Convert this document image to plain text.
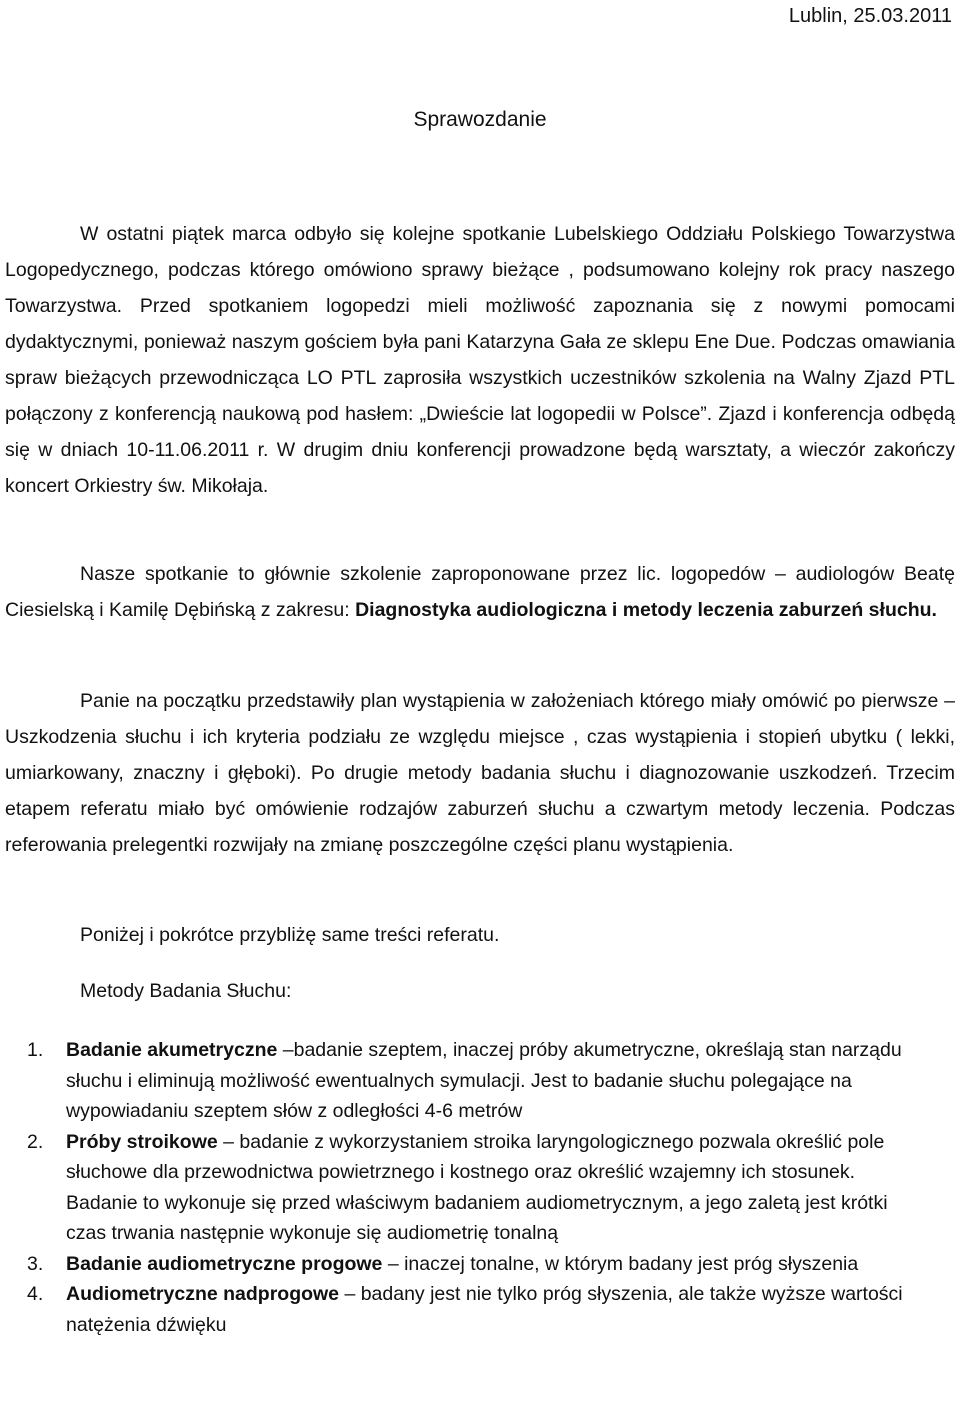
Lublin, 25.03.2011
Sprawozdanie

W ostatni piątek marca odbyło się kolejne spotkanie Lubelskiego Oddziału Polskiego Towarzystwa Logopedycznego, podczas którego omówiono sprawy bieżące , podsumowano kolejny rok pracy naszego Towarzystwa. Przed spotkaniem logopedzi mieli możliwość zapoznania się z nowymi pomocami dydaktycznymi, ponieważ naszym gościem była pani Katarzyna Gała ze sklepu Ene Due. Podczas omawiania spraw bieżących przewodnicząca LO PTL zaprosiła wszystkich uczestników szkolenia na Walny Zjazd PTL połączony z konferencją naukową pod hasłem: „Dwieście lat logopedii w Polsce”. Zjazd i konferencja odbędą się w dniach 10-11.06.2011 r. W drugim dniu konferencji prowadzone będą warsztaty, a wieczór zakończy koncert Orkiestry św. Mikołaja.

Nasze spotkanie to głównie szkolenie zaproponowane przez lic. logopedów – audiologów Beatę Ciesielską i Kamilę Dębińską z zakresu: Diagnostyka audiologiczna i metody leczenia zaburzeń słuchu.

Panie na początku przedstawiły plan wystąpienia w założeniach którego miały omówić po pierwsze – Uszkodzenia słuchu i ich kryteria podziału ze względu miejsce , czas wystąpienia i stopień ubytku ( lekki, umiarkowany, znaczny i głęboki). Po drugie metody badania słuchu i diagnozowanie uszkodzeń. Trzecim etapem referatu miało być omówienie rodzajów zaburzeń słuchu a czwartym metody leczenia. Podczas referowania prelegentki rozwijały na zmianę poszczególne części planu wystąpienia.

Poniżej i pokrótce przybliżę same treści referatu.

Metody Badania Słuchu:

1. Badanie akumetryczne –badanie szeptem, inaczej próby akumetryczne, określają stan narządu słuchu i eliminują możliwość ewentualnych symulacji. Jest to badanie słuchu polegające na wypowiadaniu szeptem słów z odległości 4-6 metrów
2. Próby stroikowe – badanie z wykorzystaniem stroika laryngologicznego pozwala określić pole słuchowe dla przewodnictwa powietrznego i kostnego oraz określić wzajemny ich stosunek. Badanie to wykonuje się przed właściwym badaniem audiometrycznym, a jego zaletą jest krótki czas trwania następnie wykonuje się audiometrię tonalną
3. Badanie audiometryczne progowe – inaczej tonalne, w którym badany jest próg słyszenia
4. Audiometryczne nadprogowe – badany jest nie tylko próg słyszenia, ale także wyższe wartości natężenia dźwięku
